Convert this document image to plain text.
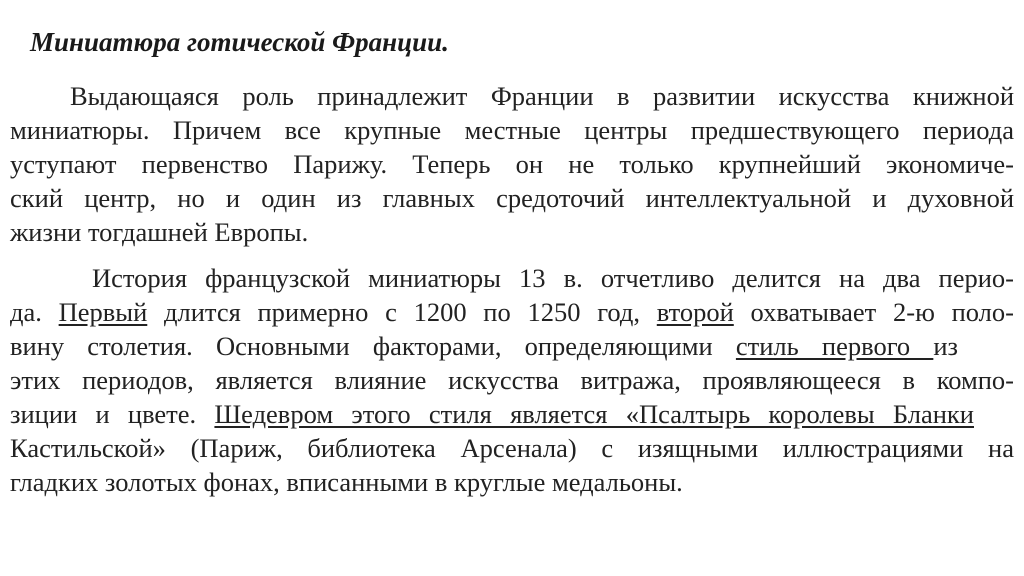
Миниатюра готической Франции.
Выдающаяся роль принадлежит Франции в развитии искусства книжной
миниатюры. Причем все крупные местные центры предшествующего периода
уступают первенство Парижу. Теперь он не только крупнейший экономиче-
ский центр, но и один из главных средоточий интеллектуальной и духовной
жизни тогдашней Европы.
История французской миниатюры 13 в. отчетливо делится на два перио-
да. Первый длится примерно с 1200 по 1250 год, второй охватывает 2-ю поло-
вину столетия. Основными факторами, определяющими стиль первого из
этих периодов, является влияние искусства витража, проявляющееся в компо-
зиции и цвете. Шедевром этого стиля является «Псалтырь королевы Бланки
Кастильской» (Париж, библиотека Арсенала) с изящными иллюстрациями на
гладких золотых фонах, вписанными в круглые медальоны.
